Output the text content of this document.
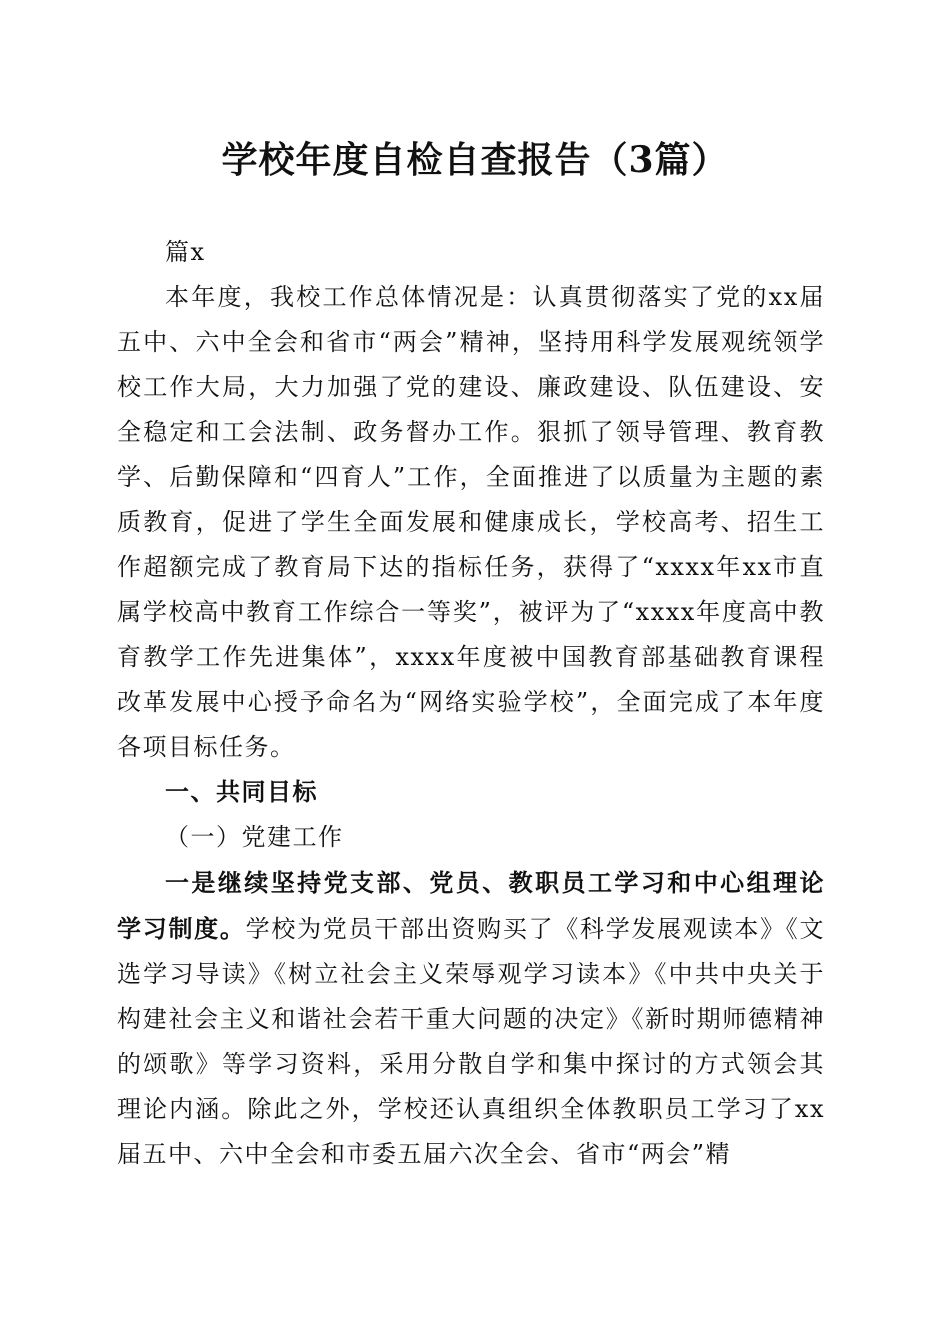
学校年度自检自查报告（3篇）

篇x

本年度，我校工作总体情况是：认真贯彻落实了党的xx届五中、六中全会和省市“两会”精神，坚持用科学发展观统领学校工作大局，大力加强了党的建设、廉政建设、队伍建设、安全稳定和工会法制、政务督办工作。狠抓了领导管理、教育教学、后勤保障和“四育人”工作，全面推进了以质量为主题的素质教育，促进了学生全面发展和健康成长，学校高考、招生工作超额完成了教育局下达的指标任务，获得了“xxxx年xx市直属学校高中教育工作综合一等奖”，被评为了“xxxx年度高中教育教学工作先进集体”，xxxx年度被中国教育部基础教育课程改革发展中心授予命名为“网络实验学校”，全面完成了本年度各项目标任务。

一、共同目标

（一）党建工作

一是继续坚持党支部、党员、教职员工学习和中心组理论学习制度。学校为党员干部出资购买了《科学发展观读本》《文选学习导读》《树立社会主义荣辱观学习读本》《中共中央关于构建社会主义和谐社会若干重大问题的决定》《新时期师德精神的颂歌》等学习资料，采用分散自学和集中探讨的方式领会其理论内涵。除此之外，学校还认真组织全体教职员工学习了xx届五中、六中全会和市委五届六次全会、省市“两会”精
